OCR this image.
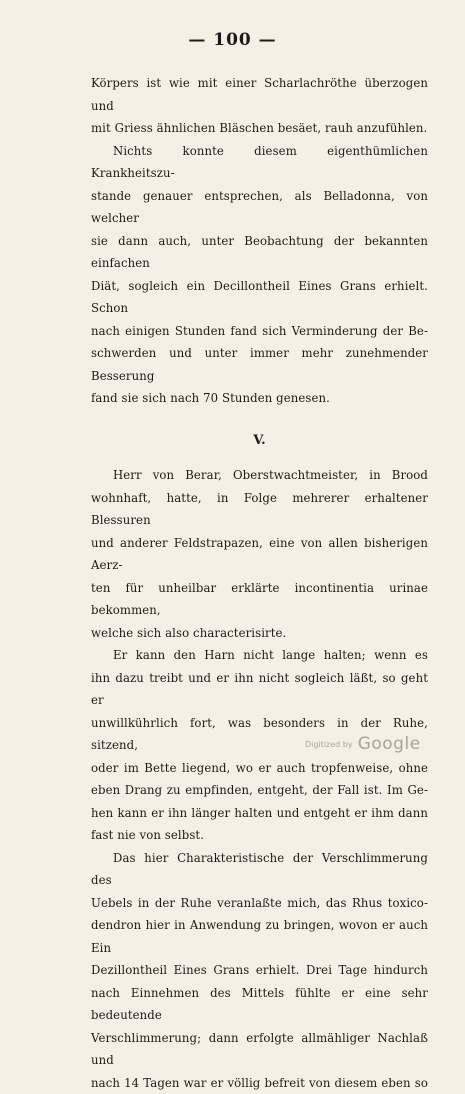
— 100 —

Körpers ist wie mit einer Scharlachröthe überzogen und

mit Griess ähnlichen Bläschen besäet, rauh anzufühlen.

Nichts konnte diesem eigenthümlichen Krankheitszu-

stande genauer entsprechen, als Belladonna, von welcher

sie dann auch, unter Beobachtung der bekannten einfachen

Diät, sogleich ein Decillontheil Eines Grans erhielt. Schon

nach einigen Stunden fand sich Verminderung der Be-

schwerden und unter immer mehr zunehmender Besserung

fand sie sich nach 70 Stunden genesen.

V.

Herr von Berar, Oberstwachtmeister, in Brood

wohnhaft, hatte, in Folge mehrerer erhaltener Blessuren

und anderer Feldstrapazen, eine von allen bisherigen Aerz-

ten für unheilbar erklärte incontinentia urinae bekommen,

welche sich also characterisirte.

Er kann den Harn nicht lange halten; wenn es

ihn dazu treibt und er ihn nicht sogleich läßt, so geht er

unwillkührlich fort, was besonders in der Ruhe, sitzend,

oder im Bette liegend, wo er auch tropfenweise, ohne

eben Drang zu empfinden, entgeht, der Fall ist. Im Ge-

hen kann er ihn länger halten und entgeht er ihm dann

fast nie von selbst.

Das hier Charakteristische der Verschlimmerung des

Uebels in der Ruhe veranlaßte mich, das Rhus toxico-

dendron hier in Anwendung zu bringen, wovon er auch Ein

Dezillontheil Eines Grans erhielt. Drei Tage hindurch

nach Einnehmen des Mittels fühlte er eine sehr bedeutende

Verschlimmerung; dann erfolgte allmähliger Nachlaß und

nach 14 Tagen war er völlig befreit von diesem eben so

Digitized by Google
